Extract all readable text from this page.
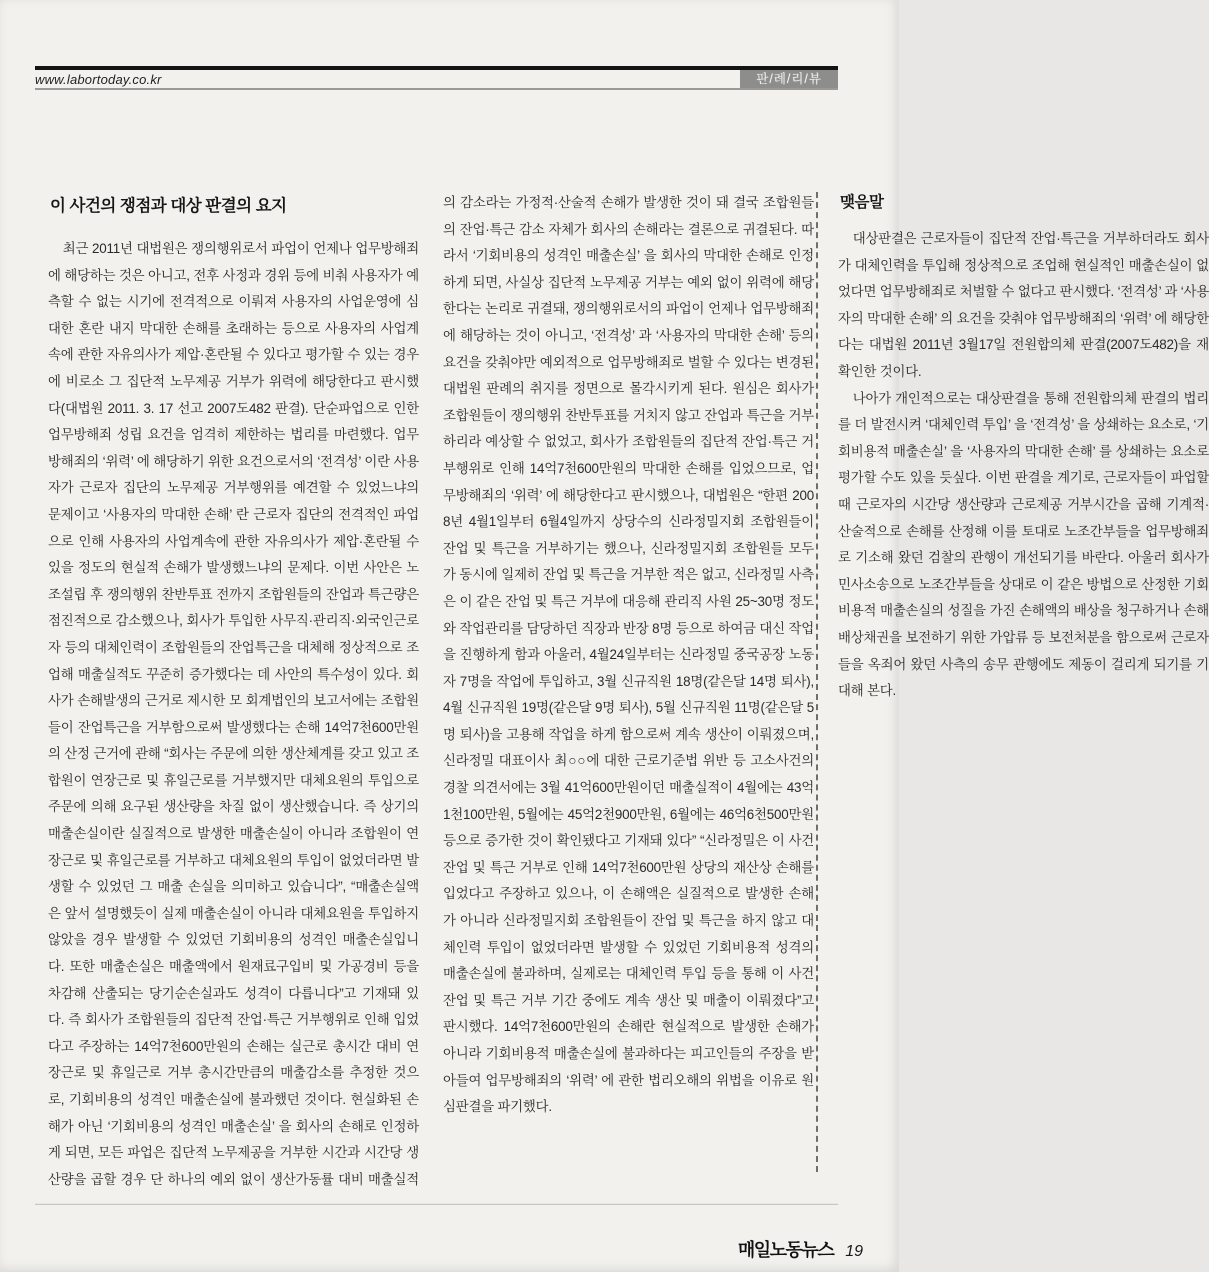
www.labortoday.co.kr	판/례/리/뷰
이 사건의 쟁점과 대상 판결의 요지

최근 2011년 대법원은 쟁의행위로서 파업이 언제나 업무방해죄에 해당하는 것은 아니고, 전후 사정과 경위 등에 비춰 사용자가 예측할 수 없는 시기에 전격적으로 이뤄져 사용자의 사업운영에 심대한 혼란 내지 막대한 손해를 초래하는 등으로 사용자의 사업계속에 관한 자유의사가 제압·혼란될 수 있다고 평가할 수 있는 경우에 비로소 그 집단적 노무제공 거부가 위력에 해당한다고 판시했다(대법원 2011. 3. 17 선고 2007도482 판결). 단순파업으로 인한 업무방해죄 성립 요건을 엄격히 제한하는 법리를 마련했다. 업무방해죄의 ‘위력’ 에 해당하기 위한 요건으로서의 ‘전격성’ 이란 사용자가 근로자 집단의 노무제공 거부행위를 예견할 수 있었느냐의 문제이고 ‘사용자의 막대한 손해’ 란 근로자 집단의 전격적인 파업으로 인해 사용자의 사업계속에 관한 자유의사가 제압·혼란될 수 있을 정도의 현실적 손해가 발생했느냐의 문제다. 이번 사안은 노조설립 후 쟁의행위 찬반투표 전까지 조합원들의 잔업과 특근량은 점진적으로 감소했으나, 회사가 투입한 사무직·관리직·외국인근로자 등의 대체인력이 조합원들의 잔업특근을 대체해 정상적으로 조업해 매출실적도 꾸준히 증가했다는 데 사안의 특수성이 있다. 회사가 손해발생의 근거로 제시한 모 회계법인의 보고서에는 조합원들이 잔업특근을 거부함으로써 발생했다는 손해 14억7천600만원의 산정 근거에 관해 “회사는 주문에 의한 생산체계를 갖고 있고 조합원이 연장근로 및 휴일근로를 거부했지만 대체요원의 투입으로 주문에 의해 요구된 생산량을 차질 없이 생산했습니다. 즉 상기의 매출손실이란 실질적으로 발생한 매출손실이 아니라 조합원이 연장근로 및 휴일근로를 거부하고 대체요원의 투입이 없었더라면 발생할 수 있었던 그 매출 손실을 의미하고 있습니다”, “매출손실액은 앞서 설명했듯이 실제 매출손실이 아니라 대체요원을 투입하지 않았을 경우 발생할 수 있었던 기회비용의 성격인 매출손실입니다. 또한 매출손실은 매출액에서 원재료구입비 및 가공경비 등을 차감해 산출되는 당기순손실과도 성격이 다릅니다”고 기재돼 있다. 즉 회사가 조합원들의 집단적 잔업·특근 거부행위로 인해 입었다고 주장하는 14억7천600만원의 손해는 실근로 총시간 대비 연장근로 및 휴일근로 거부 총시간만큼의 매출감소를 추정한 것으로, 기회비용의 성격인 매출손실에 불과했던 것이다. 현실화된 손해가 아닌 ‘기회비용의 성격인 매출손실’ 을 회사의 손해로 인정하게 되면, 모든 파업은 집단적 노무제공을 거부한 시간과 시간당 생산량을 곱할 경우 단 하나의 예외 없이 생산가동률 대비 매출실적의 감소라는 가정적·산술적 손해가 발생한 것이 돼 결국 조합원들의 잔업·특근 감소 자체가 회사의 손해라는 결론으로 귀결된다. 따라서 ‘기회비용의 성격인 매출손실’ 을 회사의 막대한 손해로 인정하게 되면, 사실상 집단적 노무제공 거부는 예외 없이 위력에 해당한다는 논리로 귀결돼, 쟁의행위로서의 파업이 언제나 업무방해죄에 해당하는 것이 아니고, ‘전격성’ 과 ‘사용자의 막대한 손해’ 등의 요건을 갖춰야만 예외적으로 업무방해죄로 벌할 수 있다는 변경된 대법원 판례의 취지를 정면으로 몰각시키게 된다. 원심은 회사가 조합원들이 쟁의행위 찬반투표를 거치지 않고 잔업과 특근을 거부하리라 예상할 수 없었고, 회사가 조합원들의 집단적 잔업·특근 거부행위로 인해 14억7천600만원의 막대한 손해를 입었으므로, 업무방해죄의 ‘위력’ 에 해당한다고 판시했으나, 대법원은 “한편 2008년 4월1일부터 6월4일까지 상당수의 신라정밀지회 조합원들이 잔업 및 특근을 거부하기는 했으나, 신라정밀지회 조합원들 모두가 동시에 일제히 잔업 및 특근을 거부한 적은 없고, 신라정밀 사측은 이 같은 잔업 및 특근 거부에 대응해 관리직 사원 25~30명 정도와 작업관리를 담당하던 직장과 반장 8명 등으로 하여금 대신 작업을 진행하게 함과 아울러, 4월24일부터는 신라정밀 중국공장 노동자 7명을 작업에 투입하고, 3월 신규직원 18명(같은달 14명 퇴사), 4월 신규직원 19명(같은달 9명 퇴사), 5월 신규직원 11명(같은달 5명 퇴사)을 고용해 작업을 하게 함으로써 계속 생산이 이뤄졌으며, 신라정밀 대표이사 최○○에 대한 근로기준법 위반 등 고소사건의 경찰 의견서에는 3월 41억600만원이던 매출실적이 4월에는 43억1천100만원, 5월에는 45억2천900만원, 6월에는 46억6천500만원 등으로 증가한 것이 확인됐다고 기재돼 있다” “신라정밀은 이 사건 잔업 및 특근 거부로 인해 14억7천600만원 상당의 재산상 손해를 입었다고 주장하고 있으나, 이 손해액은 실질적으로 발생한 손해가 아니라 신라정밀지회 조합원들이 잔업 및 특근을 하지 않고 대체인력 투입이 없었더라면 발생할 수 있었던 기회비용적 성격의 매출손실에 불과하며, 실제로는 대체인력 투입 등을 통해 이 사건 잔업 및 특근 거부 기간 중에도 계속 생산 및 매출이 이뤄졌다”고 판시했다. 14억7천600만원의 손해란 현실적으로 발생한 손해가 아니라 기회비용적 매출손실에 불과하다는 피고인들의 주장을 받아들여 업무방해죄의 ‘위력’ 에 관한 법리오해의 위법을 이유로 원심판결을 파기했다.

맺음말

대상판결은 근로자들이 집단적 잔업·특근을 거부하더라도 회사가 대체인력을 투입해 정상적으로 조업해 현실적인 매출손실이 없었다면 업무방해죄로 처벌할 수 없다고 판시했다. ‘전격성’ 과 ‘사용자의 막대한 손해’ 의 요건을 갖춰야 업무방해죄의 ‘위력’ 에 해당한다는 대법원 2011년 3월17일 전원합의체 판결(2007도482)을 재확인한 것이다.

나아가 개인적으로는 대상판결을 통해 전원합의체 판결의 법리를 더 발전시켜 ‘대체인력 투입’ 을 ‘전격성’ 을 상쇄하는 요소로, ‘기회비용적 매출손실’ 을 ‘사용자의 막대한 손해’ 를 상쇄하는 요소로 평가할 수도 있을 듯싶다. 이번 판결을 계기로, 근로자들이 파업할 때 근로자의 시간당 생산량과 근로제공 거부시간을 곱해 기계적·산술적으로 손해를 산정해 이를 토대로 노조간부들을 업무방해죄로 기소해 왔던 검찰의 관행이 개선되기를 바란다. 아울러 회사가 민사소송으로 노조간부들을 상대로 이 같은 방법으로 산정한 기회비용적 매출손실의 성질을 가진 손해액의 배상을 청구하거나 손해배상채권을 보전하기 위한 가압류 등 보전처분을 함으로써 근로자들을 옥죄어 왔던 사측의 송무 관행에도 제동이 걸리게 되기를 기대해 본다.

매일노동뉴스 19
